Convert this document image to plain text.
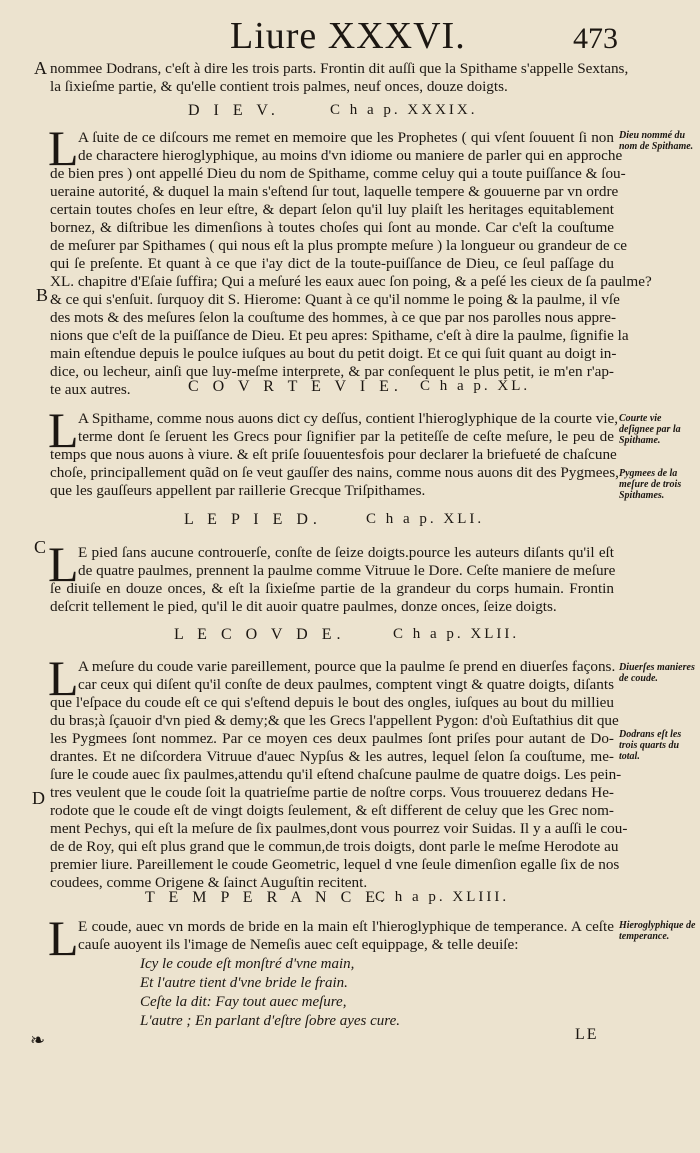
Liure XXXVI.	473
A
B
C
D
nommee Dodrans, c'eſt à dire les trois parts. Frontin dit auſſi que la Spithame s'appelle Sextans,
la ſixieſme partie, & qu'elle contient trois palmes, neuf onces, douze doigts.
D I E V.	C h a p. XXXIX.
L A ſuite de ce diſcours me remet en memoire que les Prophetes ( qui vſent ſouuent ſi non
de charactere hieroglyphique, au moins d'vn idiome ou maniere de parler qui en approche
de bien pres ) ont appellé Dieu du nom de Spithame, comme celuy qui a toute puiſſance & ſou-
ueraine autorité, & duquel la main s'eſtend ſur tout, laquelle tempere & gouuerne par vn ordre
certain toutes choſes en leur eſtre, & depart ſelon qu'il luy plaiſt les heritages equitablement
bornez, & diſtribue les dimenſions à toutes choſes qui ſont au monde. Car c'eſt la couſtume
de meſurer par Spithames ( qui nous eſt la plus prompte meſure ) la longueur ou grandeur de ce
qui ſe preſente. Et quant à ce que i'ay dict de la toute-puiſſance de Dieu, ce ſeul paſſage du
XL. chapitre d'Eſaie ſuffira; Qui a meſuré les eaux auec ſon poing, & a peſé les cieux de ſa paulme?
& ce qui s'enſuit. ſurquoy dit S. Hierome: Quant à ce qu'il nomme le poing & la paulme, il vſe
des mots & des meſures ſelon la couſtume des hommes, à ce que par nos parolles nous appre-
nions que c'eſt de la puiſſance de Dieu. Et peu apres: Spithame, c'eſt à dire la paulme, ſignifie la
main eſtendue depuis le poulce iuſques au bout du petit doigt. Et ce qui ſuit quant au doigt in-
dice, ou lecheur, ainſi que luy-meſme interprete, & par conſequent le plus petit, ie m'en r'ap-
te aux autres.
Dieu nommé du nom de Spithame.
C O V R T E V I E. C h a p. XL.
L A Spithame, comme nous auons dict cy deſſus, contient l'hieroglyphique de la courte vie,
terme dont ſe ſeruent les Grecs pour ſignifier par la petiteſſe de ceſte meſure, le peu de
temps que nous auons à viure. & eſt priſe ſouuentesfois pour declarer la briefueté de chaſcune
choſe, principallement quãd on ſe veut gauſſer des nains, comme nous auons dit des Pygmees,
que les gauſſeurs appellent par raillerie Grecque Triſpithames.
Courte vie deſignee par la Spithame.
Pygmees de la meſure de trois Spithames.
L E P I E D.	C h a p. XLI.
L E pied ſans aucune controuerſe, conſte de ſeize doigts.pource les auteurs diſants qu'il eſt
de quatre paulmes, prennent la paulme comme Vitruue le Dore. Ceſte maniere de meſure
ſe diuiſe en douze onces, & eſt la ſixieſme partie de la grandeur du corps humain. Frontin
deſcrit tellement le pied, qu'il le dit auoir quatre paulmes, donze onces, ſeize doigts.
L E C O V D E.	C h a p. XLII.
L A meſure du coude varie pareillement, pource que la paulme ſe prend en diuerſes façons.
car ceux qui diſent qu'il conſte de deux paulmes, comptent vingt & quatre doigts, diſants
que l'eſpace du coude eſt ce qui s'eſtend depuis le bout des ongles, iuſques au bout du millieu
du bras;à ſçauoir d'vn pied & demy;& que les Grecs l'appellent Pygon: d'où Euſtathius dit que
les Pygmees ſont nommez. Par ce moyen ces deux paulmes ſont priſes pour autant de Do-
drantes. Et ne diſcordera Vitruue d'auec Nypſus & les autres, lequel ſelon ſa couſtume, me-
ſure le coude auec ſix paulmes,attendu qu'il eſtend chaſcune paulme de quatre doigs. Les pein-
tres veulent que le coude ſoit la quatrieſme partie de noſtre corps. Vous trouuerez dedans He-
rodote que le coude eſt de vingt doigts ſeulement, & eſt different de celuy que les Grec nom-
ment Pechys, qui eſt la meſure de ſix paulmes,dont vous pourrez voir Suidas. Il y a auſſi le cou-
de de Roy, qui eſt plus grand que le commun,de trois doigts, dont parle le meſme Herodote au
premier liure. Pareillement le coude Geometric, lequel d vne ſeule dimenſion egalle ſix de nos
coudees, comme Origene & ſainct Auguſtin recitent.
Diuerſes manieres de coude.
Dodrans eſt les trois quarts du total.
T E M P E R A N C E.
C h a p. XLIII.
L E coude, auec vn mords de bride en la main eſt l'hieroglyphique de temperance. A ceſte
cauſe auoyent ils l'image de Nemeſis auec ceſt equippage, & telle deuiſe:
Icy le coude eſt monſtré d'vne main,
Et l'autre tient d'vne bride le frain.
Ceſte la dit: Fay tout auec meſure,
L'autre ; En parlant d'eſtre ſobre ayes cure.
Hieroglyphique de temperance.
LE
❧
